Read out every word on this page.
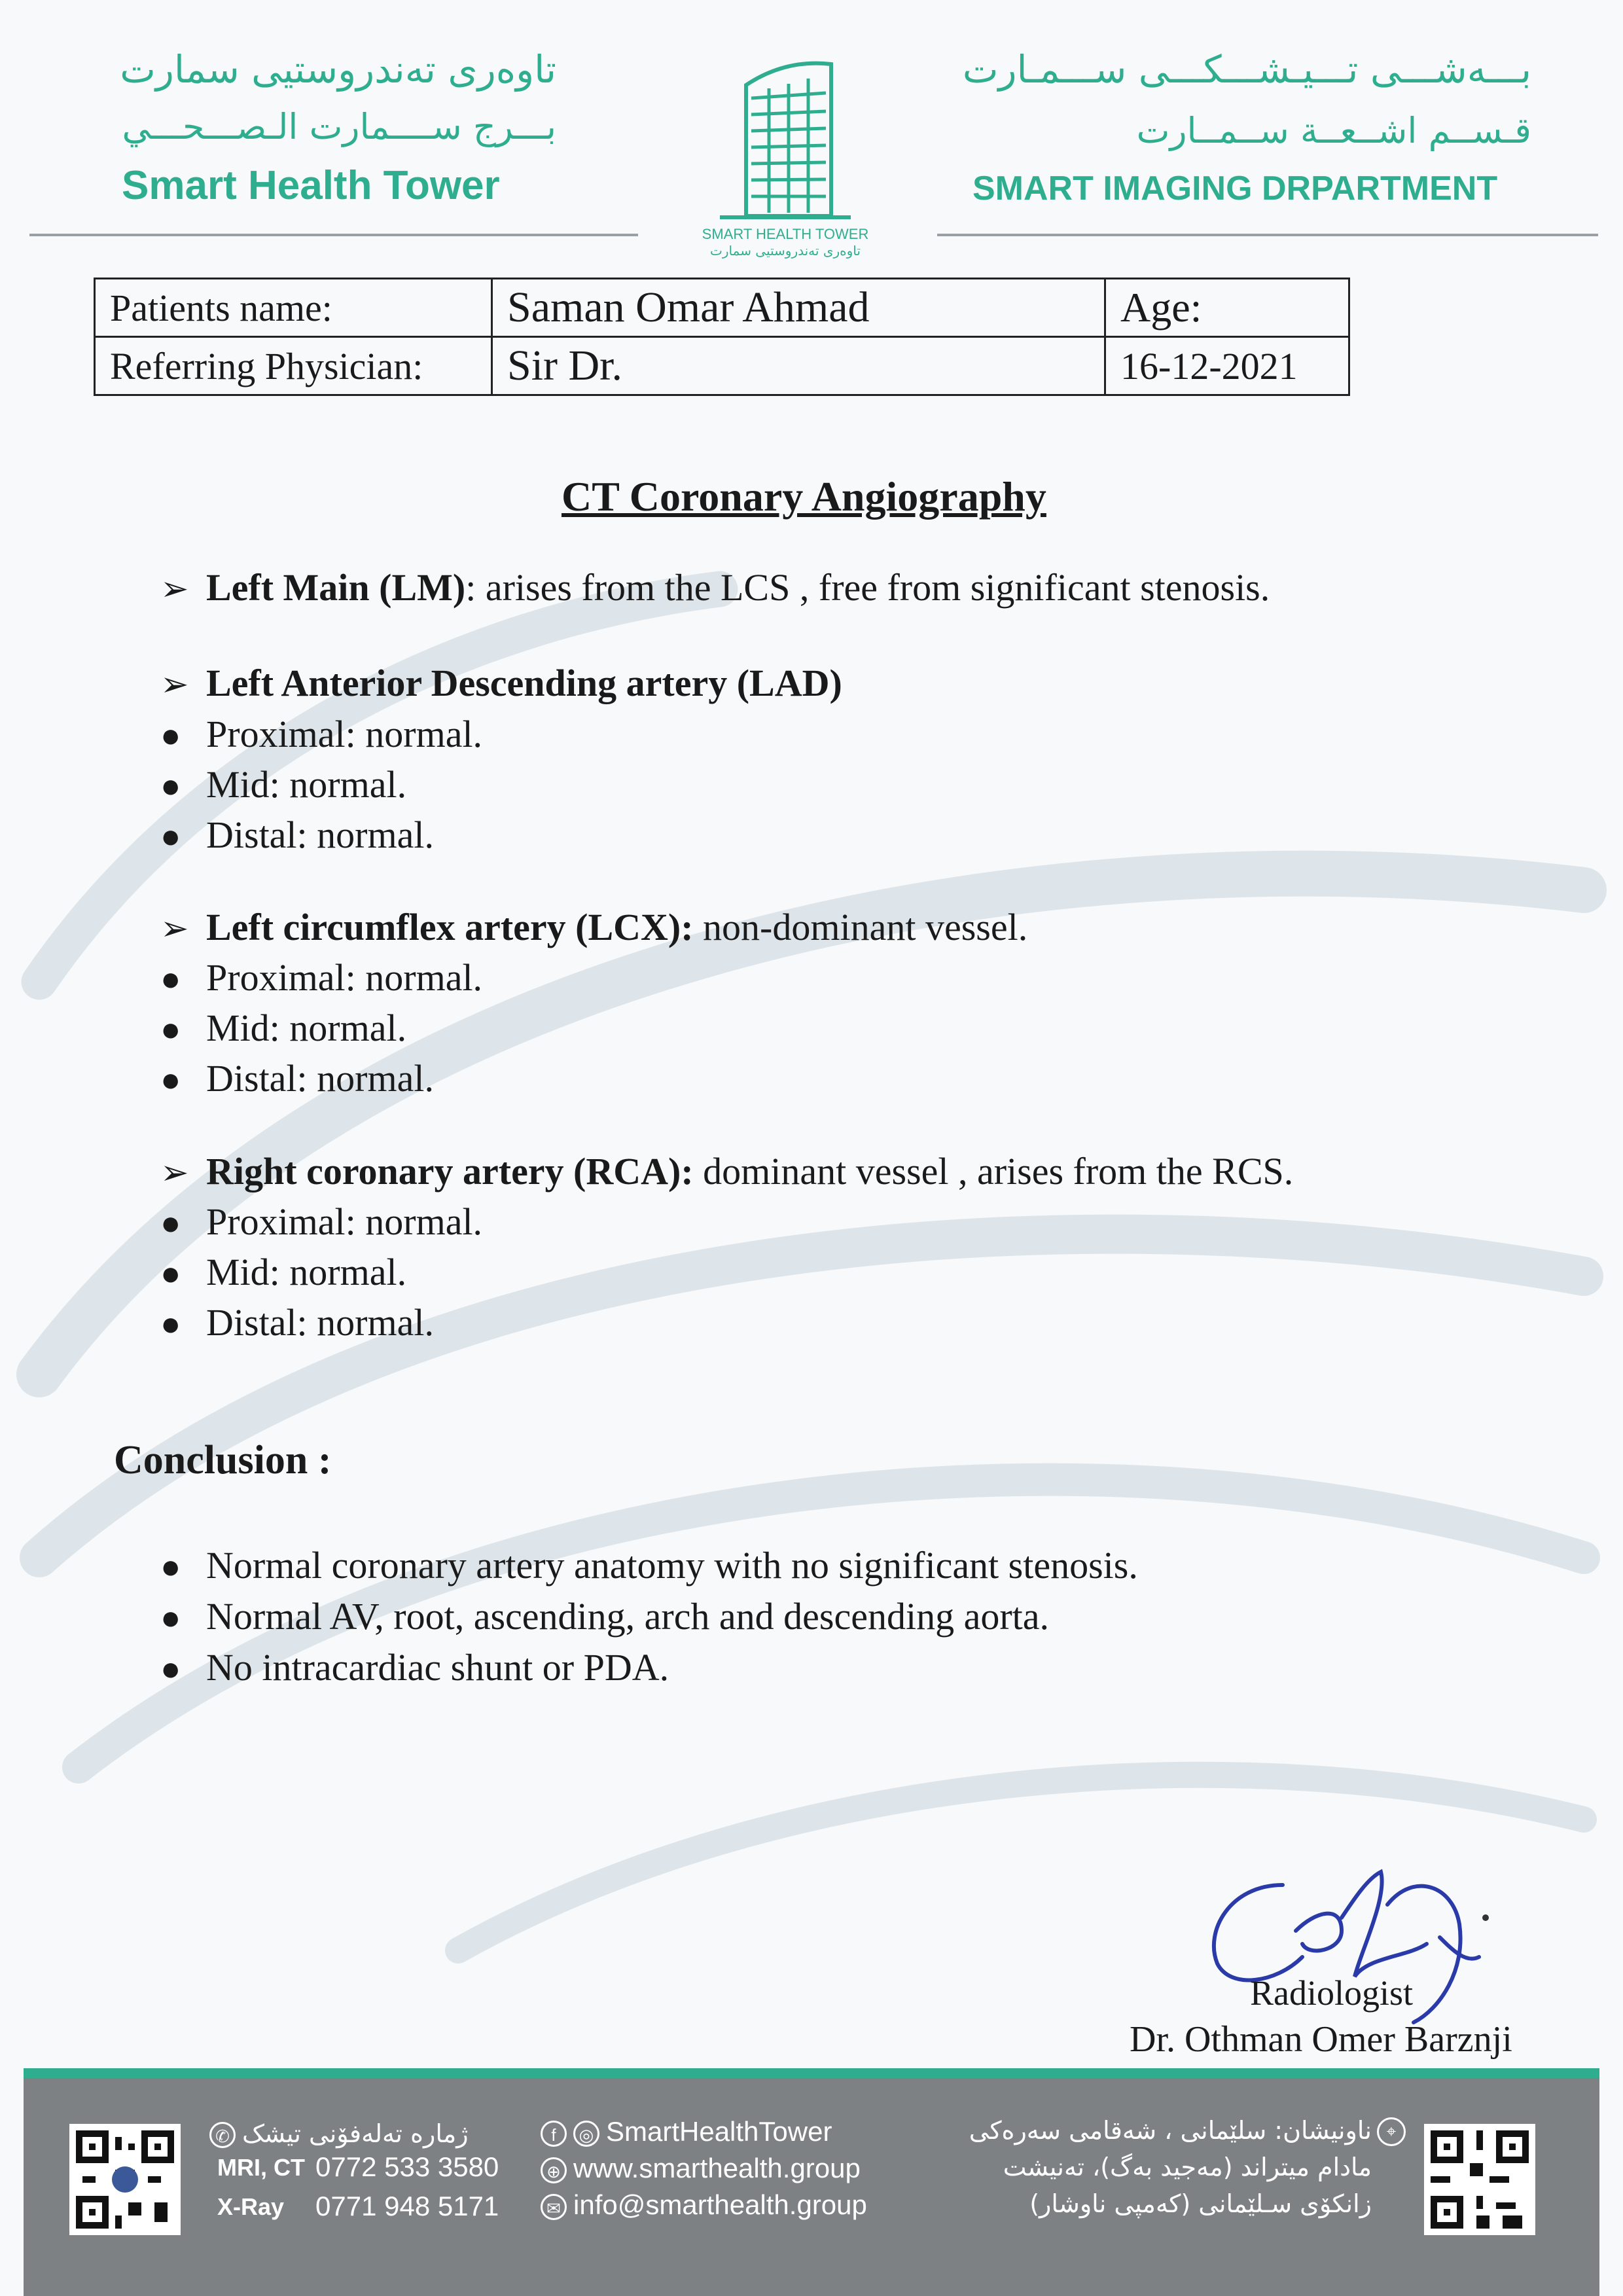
تاوەری تەندروستیی سمارت
بـــرج ســــمارت الـصـــحـــي
Smart Health Tower
SMART HEALTH TOWER
تاوەری تەندروستیی سمارت
بـــەشـــی تـــیـشـــکـــی ســـمـارت
قـســم اشــعــة ســمــارت
SMART IMAGING DRPARTMENT
Patients name:	Saman Omar Ahmad	Age:
Referring Physician:	Sir Dr.	16-12-2021
CT Coronary Angiography
➢ Left Main (LM): arises from the LCS , free from significant stenosis.
➢ Left Anterior Descending artery (LAD)
● Proximal: normal.
● Mid: normal.
● Distal: normal.
➢ Left circumflex artery (LCX): non-dominant vessel.
● Proximal: normal.
● Mid: normal.
● Distal: normal.
➢ Right coronary artery (RCA): dominant vessel , arises from the RCS.
● Proximal: normal.
● Mid: normal.
● Distal: normal.
Conclusion :
● Normal coronary artery anatomy with no significant stenosis.
● Normal AV, root, ascending, arch and descending aorta.
● No intracardiac shunt or PDA.
Radiologist
Dr. Othman Omer Barznji
✆ ژمارە تەلەفۆنی تیشک
MRI, CT 0772 533 3580
X-Ray 0771 948 5171
f ◎ SmartHealthTower
⊕ www.smarthealth.group
✉ info@smarthealth.group
ناونیشان: سلێمانی ، شەقامی سەرەکی ⌖
مادام میتراند (مەجید بەگ)، تەنیشت
زانکۆی سـلێمانی (کەمپی ناوشار)
